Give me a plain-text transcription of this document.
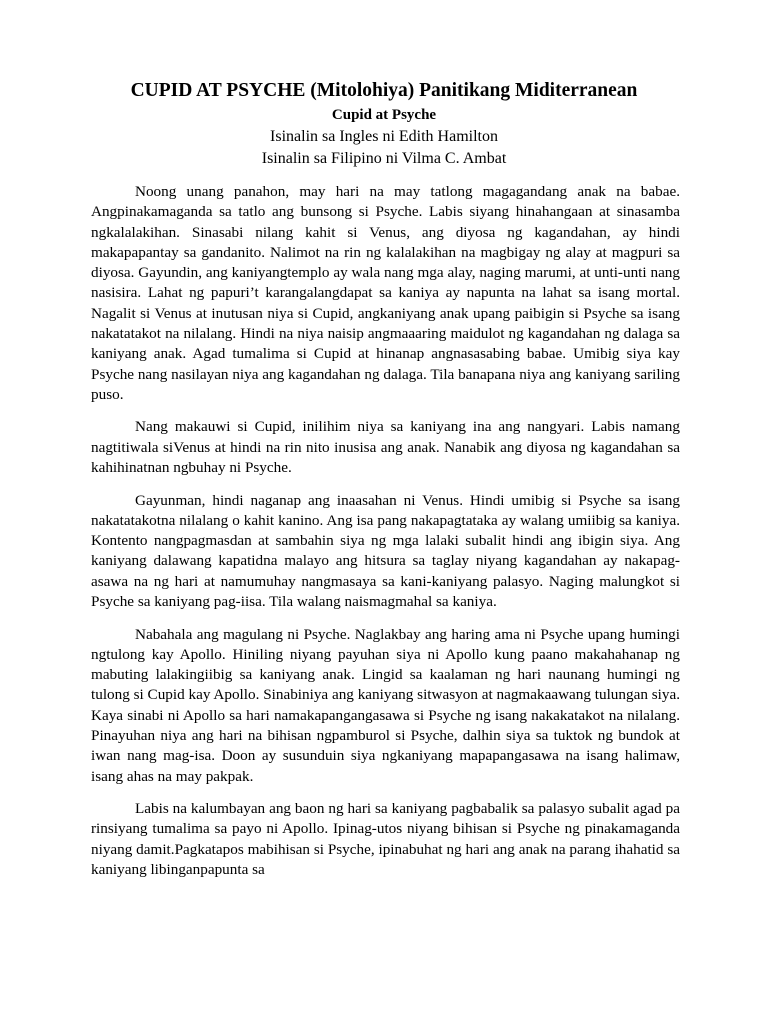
CUPID AT PSYCHE (Mitolohiya) Panitikang Miditerranean

Cupid at Psyche

Isinalin sa Ingles ni Edith Hamilton

Isinalin sa Filipino ni Vilma C. Ambat

Noong unang panahon, may hari na may tatlong magagandang anak na babae. Angpinakamaganda sa tatlo ang bunsong si Psyche. Labis siyang hinahangaan at sinasamba ngkalalakihan. Sinasabi nilang kahit si Venus, ang diyosa ng kagandahan, ay hindi makapapantay sa gandanito. Nalimot na rin ng kalalakihan na magbigay ng alay at magpuri sa diyosa. Gayundin, ang kaniyangtemplo ay wala nang mga alay, naging marumi, at unti-unti nang nasisira. Lahat ng papuri’t karangalangdapat sa kaniya ay napunta na lahat sa isang mortal. Nagalit si Venus at inutusan niya si Cupid, angkaniyang anak upang paibigin si Psyche sa isang nakatatakot na nilalang. Hindi na niya naisip angmaaaring maidulot ng kagandahan ng dalaga sa kaniyang anak. Agad tumalima si Cupid at hinanap angnasasabing babae. Umibig siya kay Psyche nang nasilayan niya ang kagandahan ng dalaga. Tila banapana niya ang kaniyang sariling puso.

Nang makauwi si Cupid, inilihim niya sa kaniyang ina ang nangyari. Labis namang nagtitiwala siVenus at hindi na rin nito inusisa ang anak. Nanabik ang diyosa ng kagandahan sa kahihinatnan ngbuhay ni Psyche.

Gayunman, hindi naganap ang inaasahan ni Venus. Hindi umibig si Psyche sa isang nakatatakotna nilalang o kahit kanino. Ang isa pang nakapagtataka ay walang umiibig sa kaniya. Kontento nangpagmasdan at sambahin siya ng mga lalaki subalit hindi ang ibigin siya. Ang kaniyang dalawang kapatidna malayo ang hitsura sa taglay niyang kagandahan ay nakapag-asawa na ng hari at namumuhay nangmasaya sa kani-kaniyang palasyo. Naging malungkot si Psyche sa kaniyang pag-iisa. Tila walang naismagmahal sa kaniya.

Nabahala ang magulang ni Psyche. Naglakbay ang haring ama ni Psyche upang humingi ngtulong kay Apollo. Hiniling niyang payuhan siya ni Apollo kung paano makahahanap ng mabuting lalakingiibig sa kaniyang anak. Lingid sa kaalaman ng hari naunang humingi ng tulong si Cupid kay Apollo. Sinabiniya ang kaniyang sitwasyon at nagmakaawang tulungan siya. Kaya sinabi ni Apollo sa hari namakapangangasawa si Psyche ng isang nakakatakot na nilalang. Pinayuhan niya ang hari na bihisan ngpamburol si Psyche, dalhin siya sa tuktok ng bundok at iwan nang mag-isa. Doon ay susunduin siya ngkaniyang mapapangasawa na isang halimaw, isang ahas na may pakpak.

Labis na kalumbayan ang baon ng hari sa kaniyang pagbabalik sa palasyo subalit agad pa rinsiyang tumalima sa payo ni Apollo. Ipinag-utos niyang bihisan si Psyche ng pinakamaganda niyang damit.Pagkatapos mabihisan si Psyche, ipinabuhat ng hari ang anak na parang ihahatid sa kaniyang libinganpapunta sa
